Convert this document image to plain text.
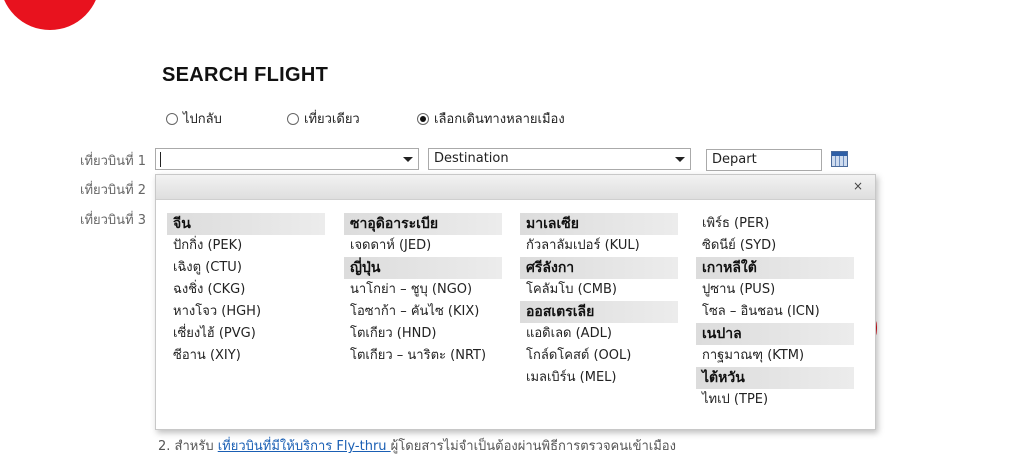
SEARCH FLIGHT
ไปกลับ	เที่ยวเดียว	เลือกเดินทางหลายเมือง
เที่ยวบินที่ 1
เที่ยวบินที่ 2
เที่ยวบินที่ 3
Destination	Depart
×
จีน
ปักกิ่ง (PEK)
เฉิงตู (CTU)
ฉงชิ่ง (CKG)
หางโจว (HGH)
เซี่ยงไฮ้ (PVG)
ซีอาน (XIY)
ซาอุดิอาระเบีย
เจดดาห์ (JED)
ญี่ปุ่น
นาโกย่า – ชูบุ (NGO)
โอซาก้า – คันไซ (KIX)
โตเกียว (HND)
โตเกียว – นาริตะ (NRT)
มาเลเซีย
กัวลาลัมเปอร์ (KUL)
ศรีลังกา
โคลัมโบ (CMB)
ออสเตรเลีย
แอดิเลด (ADL)
โกล์ดโคสต์ (OOL)
เมลเบิร์น (MEL)
เพิร์ธ (PER)
ซิดนีย์ (SYD)
เกาหลีใต้
ปูซาน (PUS)
โซล – อินชอน (ICN)
เนปาล
กาฐมาณฑุ (KTM)
ไต้หวัน
ไทเป (TPE)
2. สำหรับ เที่ยวบินที่มีให้บริการ Fly-thru ผู้โดยสารไม่จำเป็นต้องผ่านพิธีการตรวจคนเข้าเมือง
